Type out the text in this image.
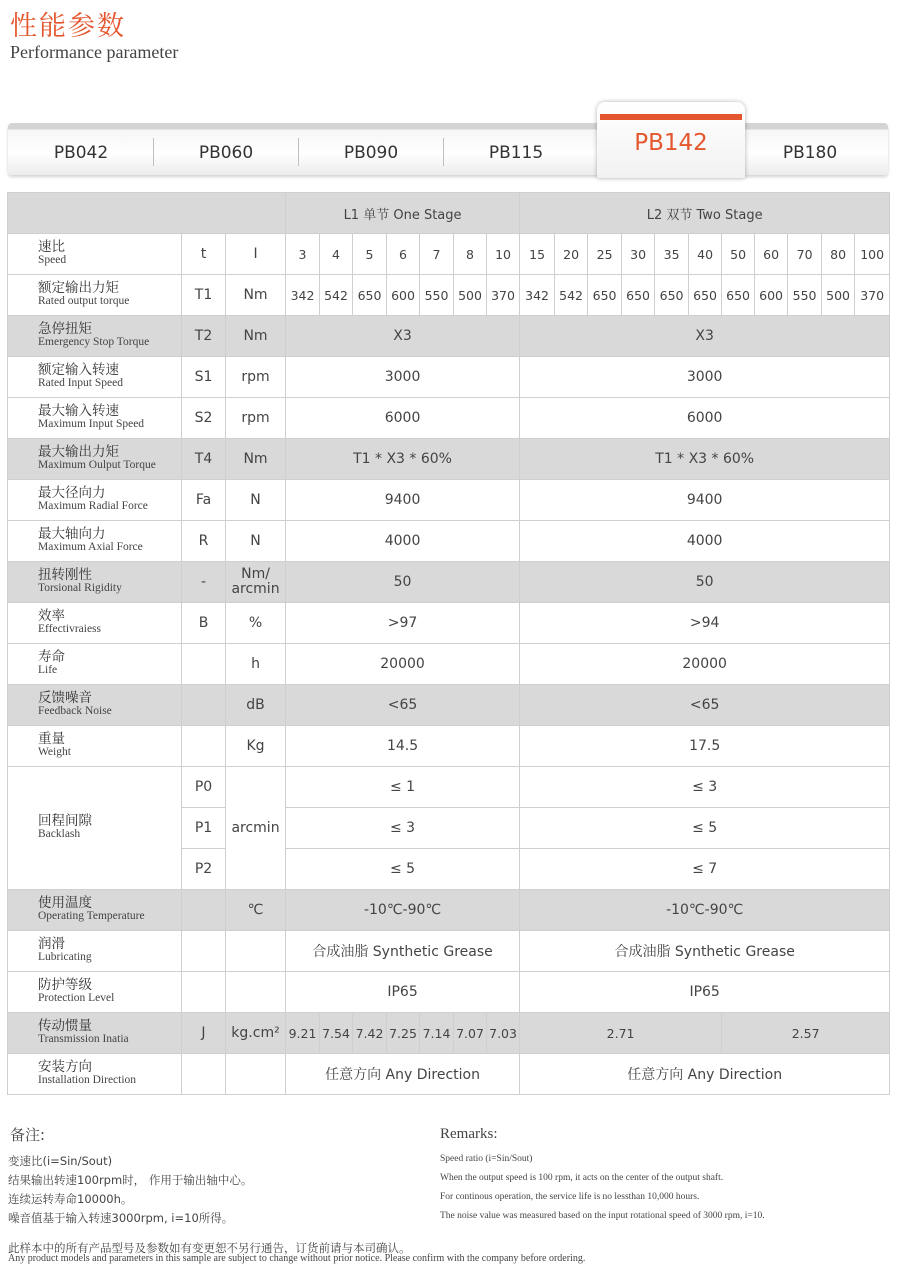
性能参数
Performance parameter
PB042	PB060	PB090	PB115	PB142	PB180
			L1 单节 One Stage							L2 双节 Two Stage										

速比
Speed	t	I	3	4	5	6	7	8	10	15	20	25	30	35	40	50	60	70	80	100

额定输出力矩
Rated output torque	T1	Nm	342	542	650	600	550	500	370	342	542	650	650	650	650	650	600	550	500	370

急停扭矩
Emergency Stop Torque	T2	Nm	X3							X3										

额定输入转速
Rated Input Speed	S1	rpm	3000							3000										

最大输入转速
Maximum Input Speed	S2	rpm	6000							6000										

最大输出力矩
Maximum Oulput Torque	T4	Nm	T1 * X3 * 60%							T1 * X3 * 60%										

最大径向力
Maximum Radial Force	Fa	N	9400							9400										

最大轴向力
Maximum Axial Force	R	N	4000							4000										

扭转刚性
Torsional Rigidity	-	Nm/
arcmin	50							50										

效率
Effectivraiess	B	%	>97							>94										

寿命
Life		h	20000							20000										

反馈噪音
Feedback Noise		dB	<65							<65										

重量
Weight		Kg	14.5							17.5										

回程间隙
Backlash	P0	arcmin	≤ 1							≤ 3										
	P1		≤ 3							≤ 5										
	P2		≤ 5							≤ 7										

使用温度
Operating Temperature		℃	-10℃-90℃							-10℃-90℃										

润滑
Lubricating			合成油脂 Synthetic Grease							合成油脂 Synthetic Grease										

防护等级
Protection Level			IP65							IP65										

传动惯量
Transmission Inatia	J	kg.cm²	9.21	7.54	7.42	7.25	7.14	7.07	7.03	2.71						2.57				

安装方向
Installation Direction			任意方向 Any Direction							任意方向 Any Direction										
备注:
变速比(i=Sin/Sout)
结果输出转速100rpm时， 作用于输出轴中心。
连续运转寿命10000h。
噪音值基于输入转速3000rpm, i=10所得。
Remarks:
Speed ratio (i=Sin/Sout)
When the output speed is 100 rpm, it acts on the center of the output shaft.
For continous operation, the service life is no lessthan 10,000 hours.
The noise value was measured based on the input rotational speed of 3000 rpm, i=10.
此样本中的所有产品型号及参数如有变更恕不另行通告，订货前请与本司确认。
Any product models and parameters in this sample are subject to change without prior notice. Please confirm with the company before ordering.
